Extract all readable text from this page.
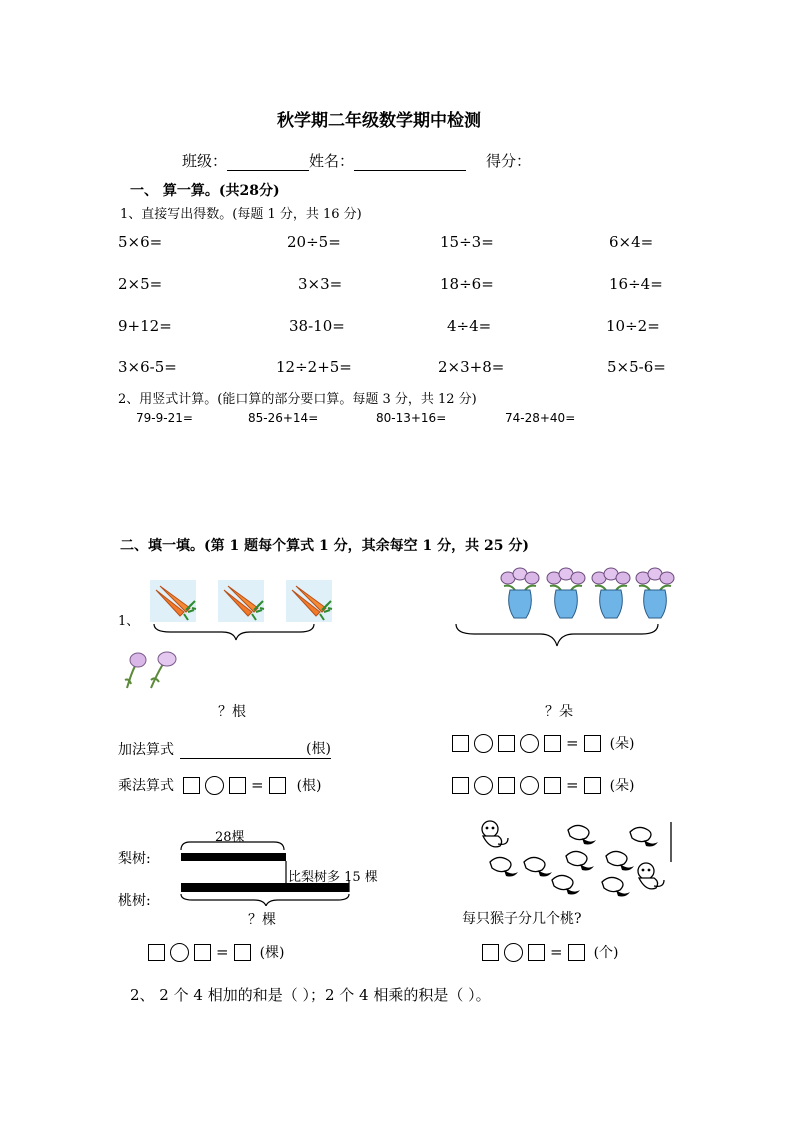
秋学期二年级数学期中检测
班级：	姓名：	得分：
一、 算一算。(共28分)
1、直接写出得数。(每题 1 分，共 16 分)
5×6=	20÷5=	15÷3=	6×4=
2×5=	3×3=	18÷6=	16÷4=
9+12=	38-10=	4÷4=	10÷2=
3×6-5=	12÷2+5=	2×3+8=	5×5-6=
2、用竖式计算。(能口算的部分要口算。每题 3 分，共 12 分)
79-9-21=	85-26+14=	80-13+16=	74-28+40=
二、填一填。(第 1 题每个算式 1 分，其余每空 1 分，共 25 分)
1、
？根	？朵
加法算式	(根)	= (朵)
乘法算式	= (根)	= (朵)
28棵
梨树:
比梨树多 15 棵
桃树:
？棵	每只猴子分几个桃?
= (棵)	= (个)
2、 2 个 4 相加的和是（ ）；2 个 4 相乘的积是（ ）。
